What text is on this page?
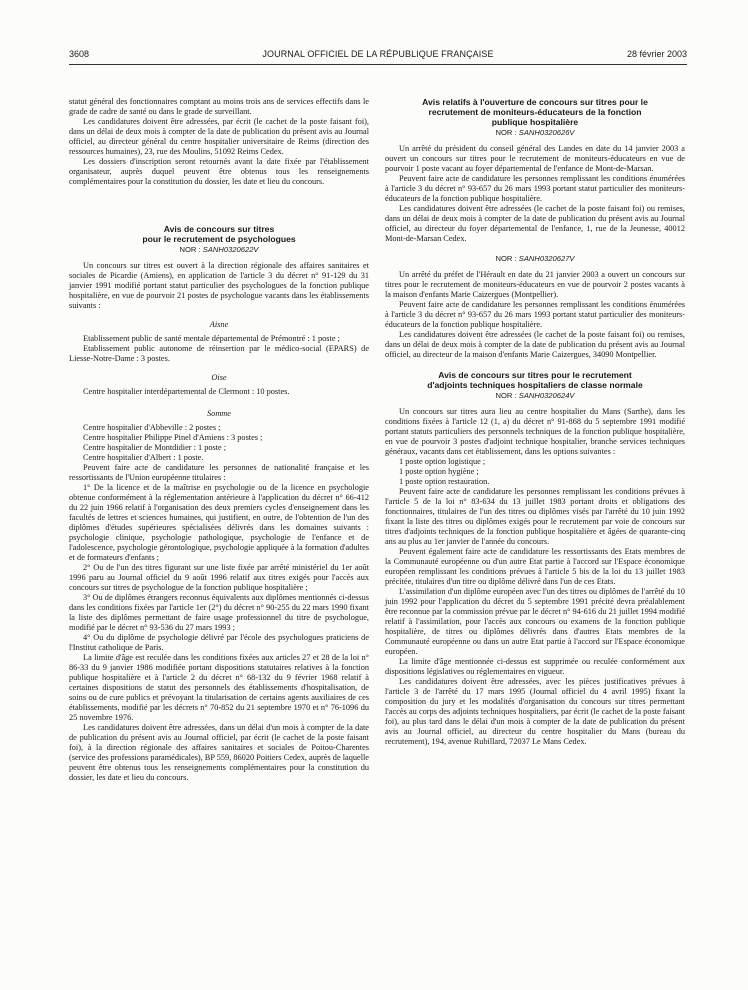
3608	JOURNAL OFFICIEL DE LA RÉPUBLIQUE FRANÇAISE	28 février 2003

statut général des fonctionnaires comptant au moins trois ans de services effectifs dans le grade de cadre de santé ou dans le grade de surveillant.

Les candidatures doivent être adressées, par écrit (le cachet de la poste faisant foi), dans un délai de deux mois à compter de la date de publication du présent avis au Journal officiel, au directeur général du centre hospitalier universitaire de Reims (direction des ressources humaines), 23, rue des Moulins, 51092 Reims Cedex.

Les dossiers d'inscription seront retournés avant la date fixée par l'établissement organisateur, auprès duquel peuvent être obtenus tous les renseignements complémentaires pour la constitution du dossier, les date et lieu du concours.

Avis de concours sur titres

pour le recrutement de psychologues

NOR : SANH0320622V

Un concours sur titres est ouvert à la direction régionale des affaires sanitaires et sociales de Picardie (Amiens), en application de l'article 3 du décret n° 91-129 du 31 janvier 1991 modifié portant statut particulier des psychologues de la fonction publique hospitalière, en vue de pourvoir 21 postes de psychologue vacants dans les établissements suivants :

Aisne

Etablissement public de santé mentale départemental de Prémontré : 1 poste ;

Etablissement public autonome de réinsertion par le médico-social (EPARS) de Liesse-Notre-Dame : 3 postes.

Oise

Centre hospitalier interdépartemental de Clermont : 10 postes.

Somme

Centre hospitalier d'Abbeville : 2 postes ;

Centre hospitalier Philippe Pinel d'Amiens : 3 postes ;

Centre hospitalier de Montdidier : 1 poste ;

Centre hospitalier d'Albert : 1 poste.

Peuvent faire acte de candidature les personnes de nationalité française et les ressortissants de l'Union européenne titulaires :

1° De la licence et de la maîtrise en psychologie ou de la licence en psychologie obtenue conformément à la réglementation antérieure à l'application du décret n° 66-412 du 22 juin 1966 relatif à l'organisation des deux premiers cycles d'enseignement dans les facultés de lettres et sciences humaines, qui justifient, en outre, de l'obtention de l'un des diplômes d'études supérieures spécialisées délivrés dans les domaines suivants : psychologie clinique, psychologie pathologique, psychologie de l'enfance et de l'adolescence, psychologie gérontologique, psychologie appliquée à la formation d'adultes et de formateurs d'enfants ;

2° Ou de l'un des titres figurant sur une liste fixée par arrêté ministériel du 1er août 1996 paru au Journal officiel du 9 août 1996 relatif aux titres exigés pour l'accès aux concours sur titres de psychologue de la fonction publique hospitalière ;

3° Ou de diplômes étrangers reconnus équivalents aux diplômes mentionnés ci-dessus dans les conditions fixées par l'article 1er (2°) du décret n° 90-255 du 22 mars 1990 fixant la liste des diplômes permettant de faire usage professionnel du titre de psychologue, modifié par le décret n° 93-536 du 27 mars 1993 ;

4° Ou du diplôme de psychologie délivré par l'école des psychologues praticiens de l'Institut catholique de Paris.

La limite d'âge est reculée dans les conditions fixées aux articles 27 et 28 de la loi n° 86-33 du 9 janvier 1986 modifiée portant dispositions statutaires relatives à la fonction publique hospitalière et à l'article 2 du décret n° 68-132 du 9 février 1968 relatif à certaines dispositions de statut des personnels des établissements d'hospitalisation, de soins ou de cure publics et prévoyant la titularisation de certains agents auxiliaires de ces établissements, modifié par les décrets n° 70-852 du 21 septembre 1970 et n° 76-1096 du 25 novembre 1976.

Les candidatures doivent être adressées, dans un délai d'un mois à compter de la date de publication du présent avis au Journal officiel, par écrit (le cachet de la poste faisant foi), à la direction régionale des affaires sanitaires et sociales de Poitou-Charentes (service des professions paramédicales), BP 559, 86020 Poitiers Cedex, auprès de laquelle peuvent être obtenus tous les renseignements complémentaires pour la constitution du dossier, les date et lieu du concours.

Avis relatifs à l'ouverture de concours sur titres pour le

recrutement de moniteurs-éducateurs de la fonction

publique hospitalière

NOR : SANH0320626V

Un arrêté du président du conseil général des Landes en date du 14 janvier 2003 a ouvert un concours sur titres pour le recrutement de moniteurs-éducateurs en vue de pourvoir 1 poste vacant au foyer départemental de l'enfance de Mont-de-Marsan.

Peuvent faire acte de candidature les personnes remplissant les conditions énumérées à l'article 3 du décret n° 93-657 du 26 mars 1993 portant statut particulier des moniteurs-éducateurs de la fonction publique hospitalière.

Les candidatures doivent être adressées (le cachet de la poste faisant foi) ou remises, dans un délai de deux mois à compter de la date de publication du présent avis au Journal officiel, au directeur du foyer départemental de l'enfance, 1, rue de la Jeunesse, 40012 Mont-de-Marsan Cedex.

NOR : SANH0320627V

Un arrêté du préfet de l'Hérault en date du 21 janvier 2003 a ouvert un concours sur titres pour le recrutement de moniteurs-éducateurs en vue de pourvoir 2 postes vacants à la maison d'enfants Marie Caizergues (Montpellier).

Peuvent faire acte de candidature les personnes remplissant les conditions énumérées à l'article 3 du décret n° 93-657 du 26 mars 1993 portant statut particulier des moniteurs-éducateurs de la fonction publique hospitalière.

Les candidatures doivent être adressées (le cachet de la poste faisant foi) ou remises, dans un délai de deux mois à compter de la date de publication du présent avis au Journal officiel, au directeur de la maison d'enfants Marie Caizergues, 34090 Montpellier.

Avis de concours sur titres pour le recrutement

d'adjoints techniques hospitaliers de classe normale

NOR : SANH0320624V

Un concours sur titres aura lieu au centre hospitalier du Mans (Sarthe), dans les conditions fixées à l'article 12 (1, a) du décret n° 91-868 du 5 septembre 1991 modifié portant statuts particuliers des personnels techniques de la fonction publique hospitalière, en vue de pourvoir 3 postes d'adjoint technique hospitalier, branche services techniques généraux, vacants dans cet établissement, dans les options suivantes :

1 poste option logistique ;

1 poste option hygiène ;

1 poste option restauration.

Peuvent faire acte de candidature les personnes remplissant les conditions prévues à l'article 5 de la loi n° 83-634 du 13 juillet 1983 portant droits et obligations des fonctionnaires, titulaires de l'un des titres ou diplômes visés par l'arrêté du 10 juin 1992 fixant la liste des titres ou diplômes exigés pour le recrutement par voie de concours sur titres d'adjoints techniques de la fonction publique hospitalière et âgées de quarante-cinq ans au plus au 1er janvier de l'année du concours.

Peuvent également faire acte de candidature les ressortissants des Etats membres de la Communauté européenne ou d'un autre Etat partie à l'accord sur l'Espace économique européen remplissant les conditions prévues à l'article 5 bis de la loi du 13 juillet 1983 précitée, titulaires d'un titre ou diplôme délivré dans l'un de ces Etats.

L'assimilation d'un diplôme européen avec l'un des titres ou diplômes de l'arrêté du 10 juin 1992 pour l'application du décret du 5 septembre 1991 précité devra préalablement être reconnue par la commission prévue par le décret n° 94-616 du 21 juillet 1994 modifié relatif à l'assimilation, pour l'accès aux concours ou examens de la fonction publique hospitalière, de titres ou diplômes délivrés dans d'autres Etats membres de la Communauté européenne ou dans un autre Etat partie à l'accord sur l'Espace économique européen.

La limite d'âge mentionnée ci-dessus est supprimée ou reculée conformément aux dispositions législatives ou réglementaires en vigueur.

Les candidatures doivent être adressées, avec les pièces justificatives prévues à l'article 3 de l'arrêté du 17 mars 1995 (Journal officiel du 4 avril 1995) fixant la composition du jury et les modalités d'organisation du concours sur titres permettant l'accès au corps des adjoints techniques hospitaliers, par écrit (le cachet de la poste faisant foi), au plus tard dans le délai d'un mois à compter de la date de publication du présent avis au Journal officiel, au directeur du centre hospitalier du Mans (bureau du recrutement), 194, avenue Rubillard, 72037 Le Mans Cedex.
